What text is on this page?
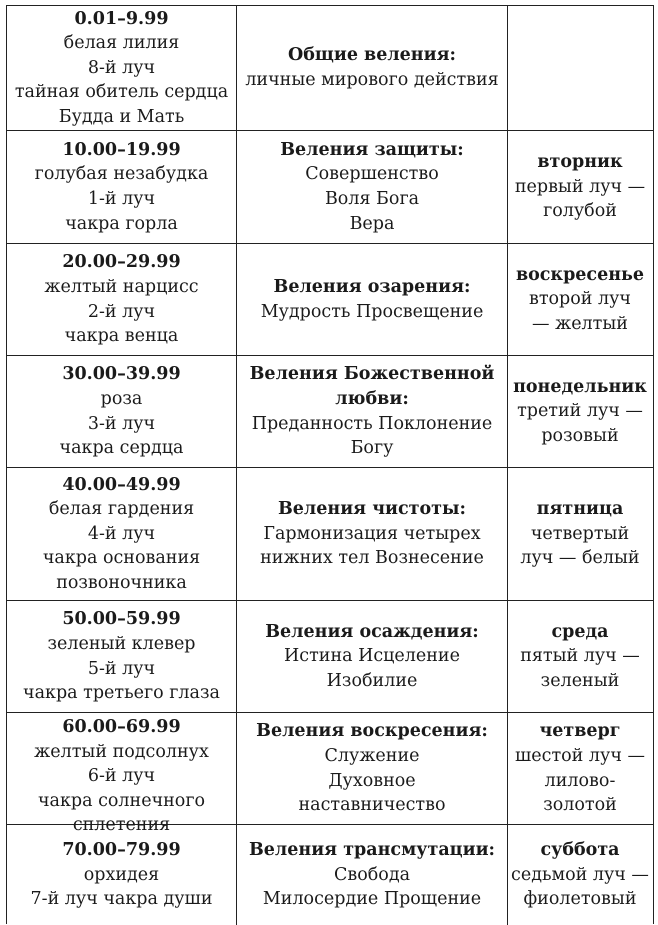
0.01–9.99
белая лилия
8-й луч
тайная обитель сердца
Будда и Мать
Общие веления:
личные мирового действия
10.00–19.99
голубая незабудка
1-й луч
чакра горла
Веления защиты:
Совершенство
Воля Бога
Вера
вторник
первый луч —
голубой
20.00–29.99
желтый нарцисс
2-й луч
чакра венца
Веления озарения:
Мудрость Просвещение
воскресенье
второй луч
— желтый
30.00–39.99
роза
3-й луч
чакра сердца
Веления Божественной
любви:
Преданность Поклонение
Богу
понедельник
третий луч —
розовый
40.00–49.99
белая гардения
4-й луч
чакра основания
позвоночника
Веления чистоты:
Гармонизация четырех
нижних тел Вознесение
пятница
четвертый
луч — белый
50.00–59.99
зеленый клевер
5-й луч
чакра третьего глаза
Веления осаждения:
Истина Исцеление
Изобилие
среда
пятый луч —
зеленый
60.00–69.99
желтый подсолнух
6-й луч
чакра солнечного
сплетения
Веления воскресения:
Служение
Духовное
наставничество
четверг
шестой луч —
лилово-
золотой
70.00–79.99
орхидея
7-й луч чакра души
Веления трансмутации:
Свобода
Милосердие Прощение
суббота
седьмой луч —
фиолетовый
